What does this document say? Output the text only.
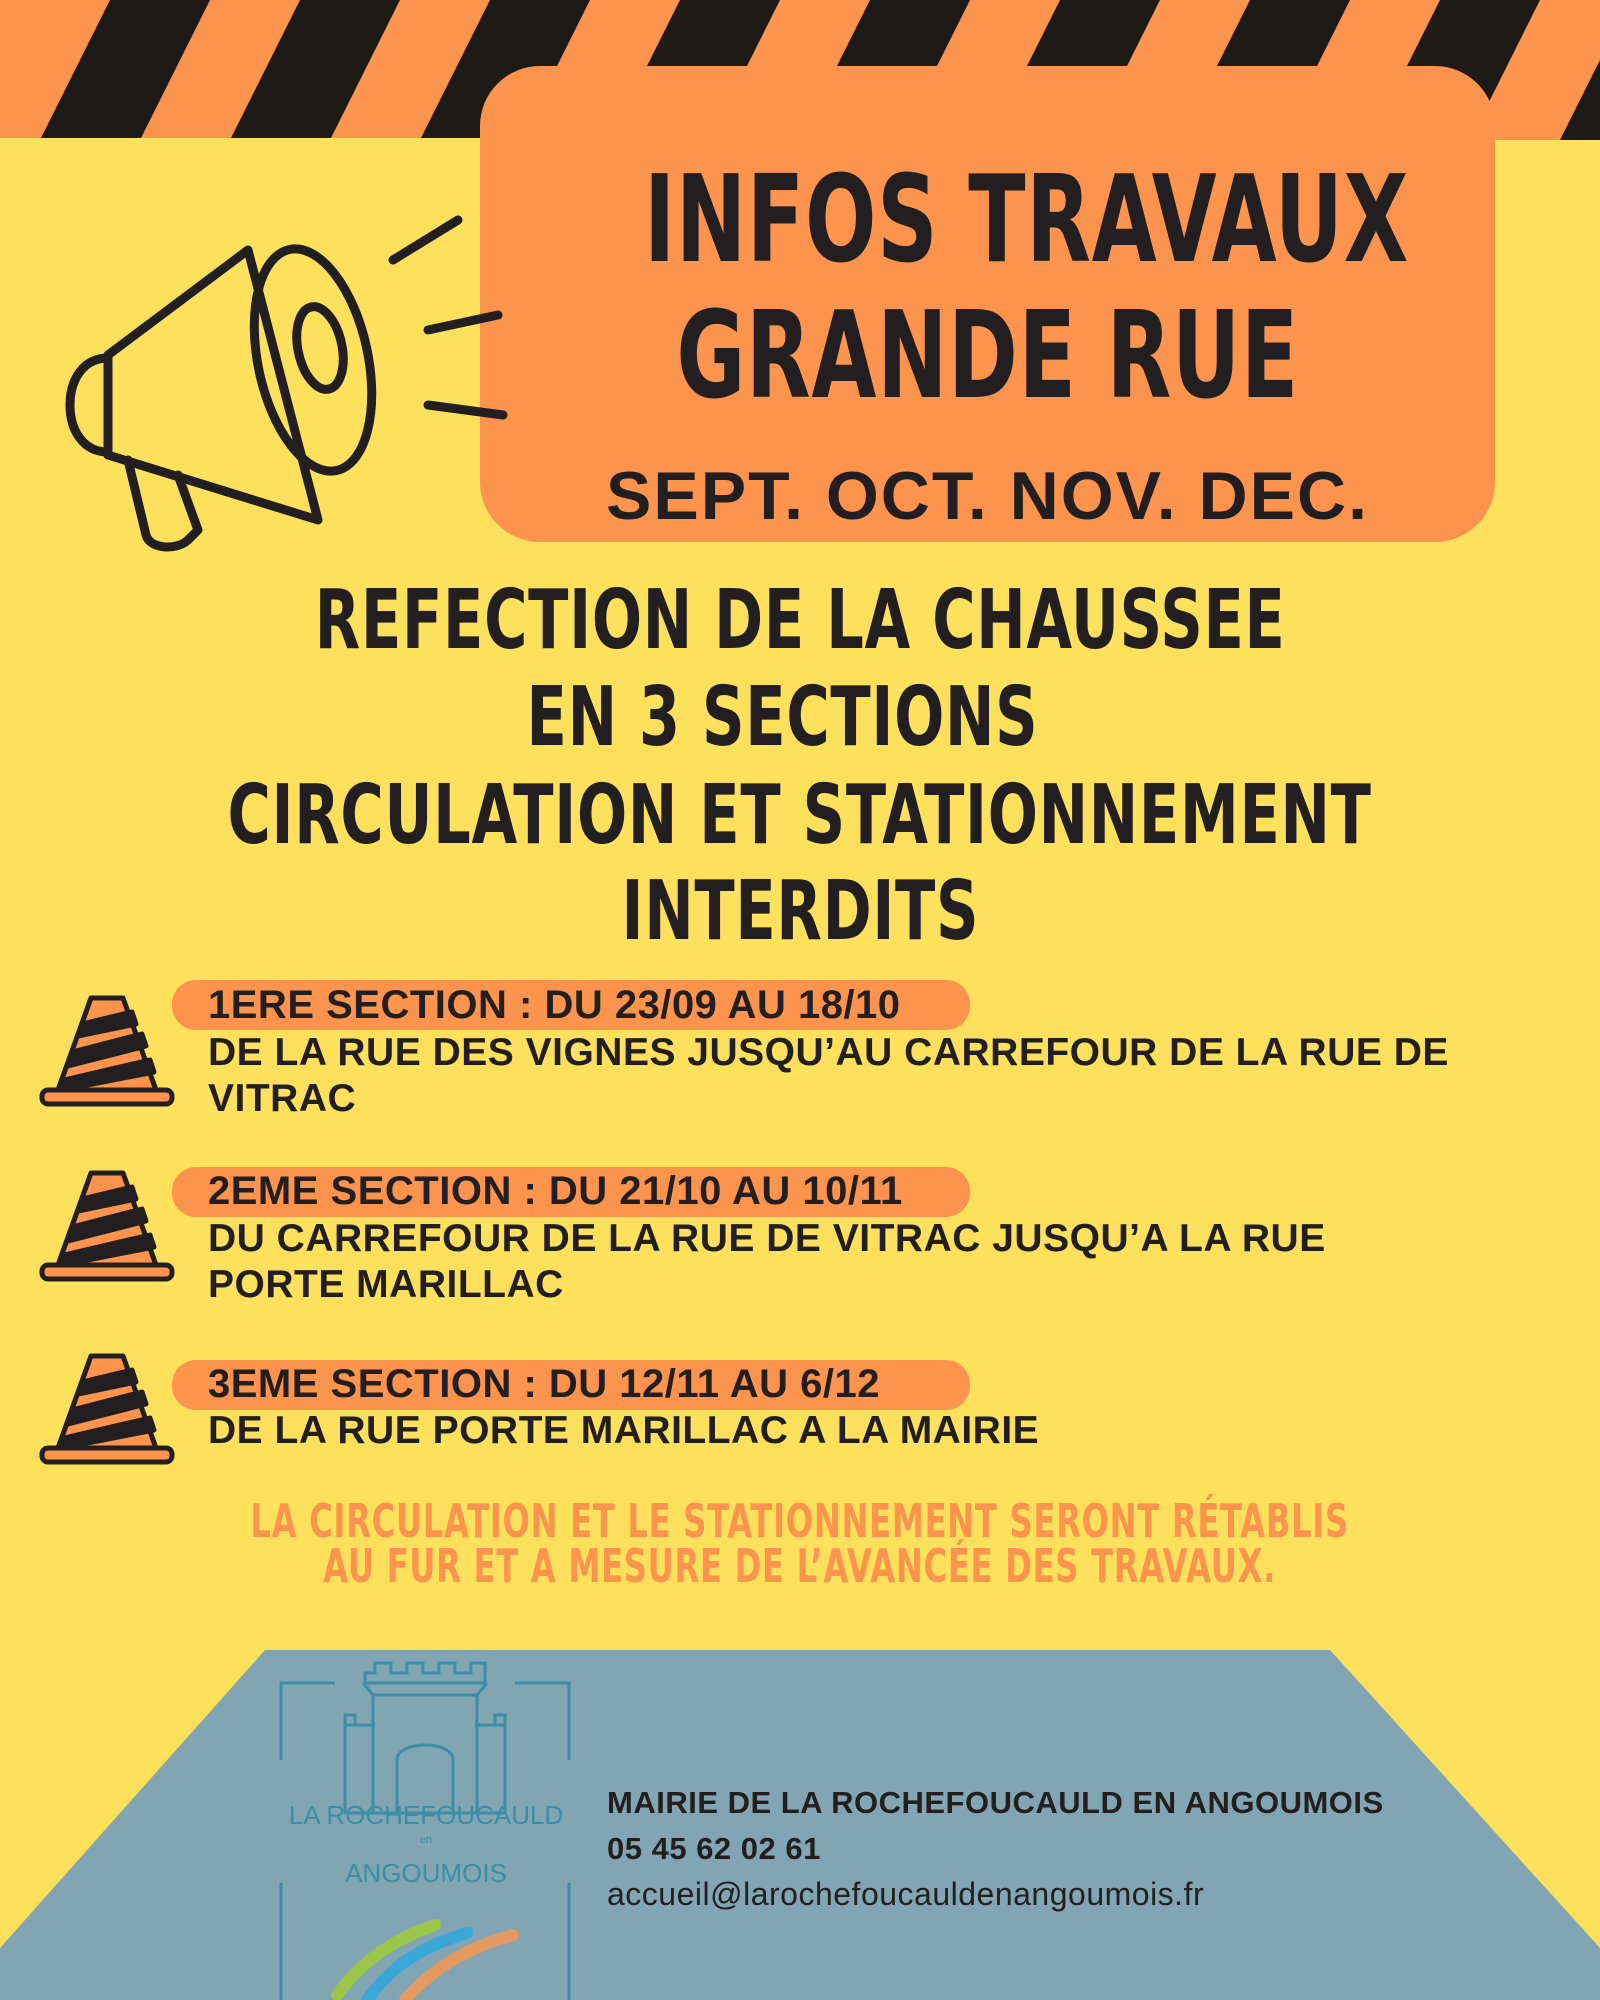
INFOS TRAVAUX
GRANDE RUE
SEPT. OCT. NOV. DEC.
REFECTION DE LA CHAUSSEE
EN 3 SECTIONS
CIRCULATION ET STATIONNEMENT
INTERDITS
1ERE SECTION : DU 23/09 AU 18/10
DE LA RUE DES VIGNES JUSQU’AU CARREFOUR DE LA RUE DE
VITRAC
2EME SECTION : DU 21/10 AU 10/11
DU CARREFOUR DE LA RUE DE VITRAC JUSQU’A LA RUE
PORTE MARILLAC
3EME SECTION : DU 12/11 AU 6/12
DE LA RUE PORTE MARILLAC A LA MAIRIE
LA CIRCULATION ET LE STATIONNEMENT SERONT RÉTABLIS
AU FUR ET A MESURE DE L’AVANCÉE DES TRAVAUX.
LA ROCHEFOUCAULD
en
ANGOUMOIS
MAIRIE DE LA ROCHEFOUCAULD EN ANGOUMOIS
05 45 62 02 61
accueil@larochefoucauldenangoumois.fr
